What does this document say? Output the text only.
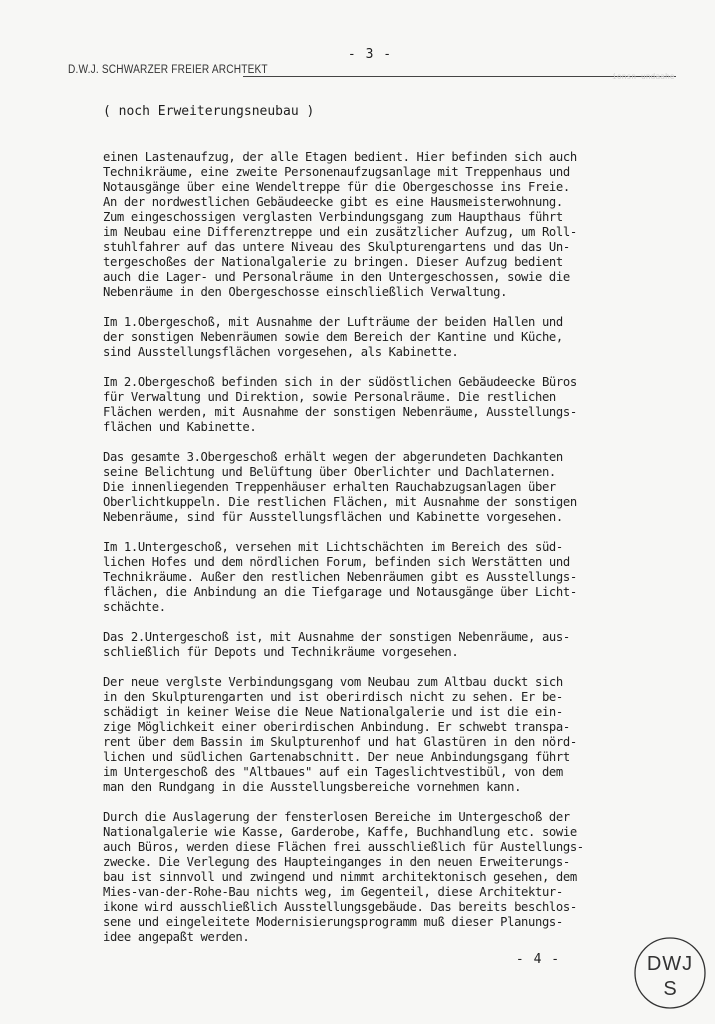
- 3 -
D.W.J. SCHWARZER FREIER ARCHTEKT
ionsn undaahe
( noch Erweiterungsneubau )
einen Lastenaufzug, der alle Etagen bedient. Hier befinden sich auch
Technikräume, eine zweite Personenaufzugsanlage mit Treppenhaus und
Notausgänge über eine Wendeltreppe für die Obergeschosse ins Freie.
An der nordwestlichen Gebäudeecke gibt es eine Hausmeisterwohnung.
Zum eingeschossigen verglasten Verbindungsgang zum Haupthaus führt
im Neubau eine Differenztreppe und ein zusätzlicher Aufzug, um Roll-
stuhlfahrer auf das untere Niveau des Skulpturengartens und das Un-
tergeschoßes der Nationalgalerie zu bringen. Dieser Aufzug bedient
auch die Lager- und Personalräume in den Untergeschossen, sowie die
Nebenräume in den Obergeschosse einschließlich Verwaltung.
Im 1.Obergeschoß, mit Ausnahme der Lufträume der beiden Hallen und
der sonstigen Nebenräumen sowie dem Bereich der Kantine und Küche,
sind Ausstellungsflächen vorgesehen, als Kabinette.
Im 2.Obergeschoß befinden sich in der südöstlichen Gebäudeecke Büros
für Verwaltung und Direktion, sowie Personalräume. Die restlichen
Flächen werden, mit Ausnahme der sonstigen Nebenräume, Ausstellungs-
flächen und Kabinette.
Das gesamte 3.Obergeschoß erhält wegen der abgerundeten Dachkanten
seine Belichtung und Belüftung über Oberlichter und Dachlaternen.
Die innenliegenden Treppenhäuser erhalten Rauchabzugsanlagen über
Oberlichtkuppeln. Die restlichen Flächen, mit Ausnahme der sonstigen
Nebenräume, sind für Ausstellungsflächen und Kabinette vorgesehen.
Im 1.Untergeschoß, versehen mit Lichtschächten im Bereich des süd-
lichen Hofes und dem nördlichen Forum, befinden sich Werstätten und
Technikräume. Außer den restlichen Nebenräumen gibt es Ausstellungs-
flächen, die Anbindung an die Tiefgarage und Notausgänge über Licht-
schächte.
Das 2.Untergeschoß ist, mit Ausnahme der sonstigen Nebenräume, aus-
schließlich für Depots und Technikräume vorgesehen.
Der neue verglste Verbindungsgang vom Neubau zum Altbau duckt sich
in den Skulpturengarten und ist oberirdisch nicht zu sehen. Er be-
schädigt in keiner Weise die Neue Nationalgalerie und ist die ein-
zige Möglichkeit einer oberirdischen Anbindung. Er schwebt transpa-
rent über dem Bassin im Skulpturenhof und hat Glastüren in den nörd-
lichen und südlichen Gartenabschnitt. Der neue Anbindungsgang führt
im Untergeschoß des "Altbaues" auf ein Tageslichtvestibül, von dem
man den Rundgang in die Ausstellungsbereiche vornehmen kann.
Durch die Auslagerung der fensterlosen Bereiche im Untergeschoß der
Nationalgalerie wie Kasse, Garderobe, Kaffe, Buchhandlung etc. sowie
auch Büros, werden diese Flächen frei ausschließlich für Austellungs-
zwecke. Die Verlegung des Haupteinganges in den neuen Erweiterungs-
bau ist sinnvoll und zwingend und nimmt architektonisch gesehen, dem
Mies-van-der-Rohe-Bau nichts weg, im Gegenteil, diese Architektur-
ikone wird ausschließlich Ausstellungsgebäude. Das bereits beschlos-
sene und eingeleitete Modernisierungsprogramm muß dieser Planungs-
idee angepaßt werden.
- 4 -	DWJ
S
